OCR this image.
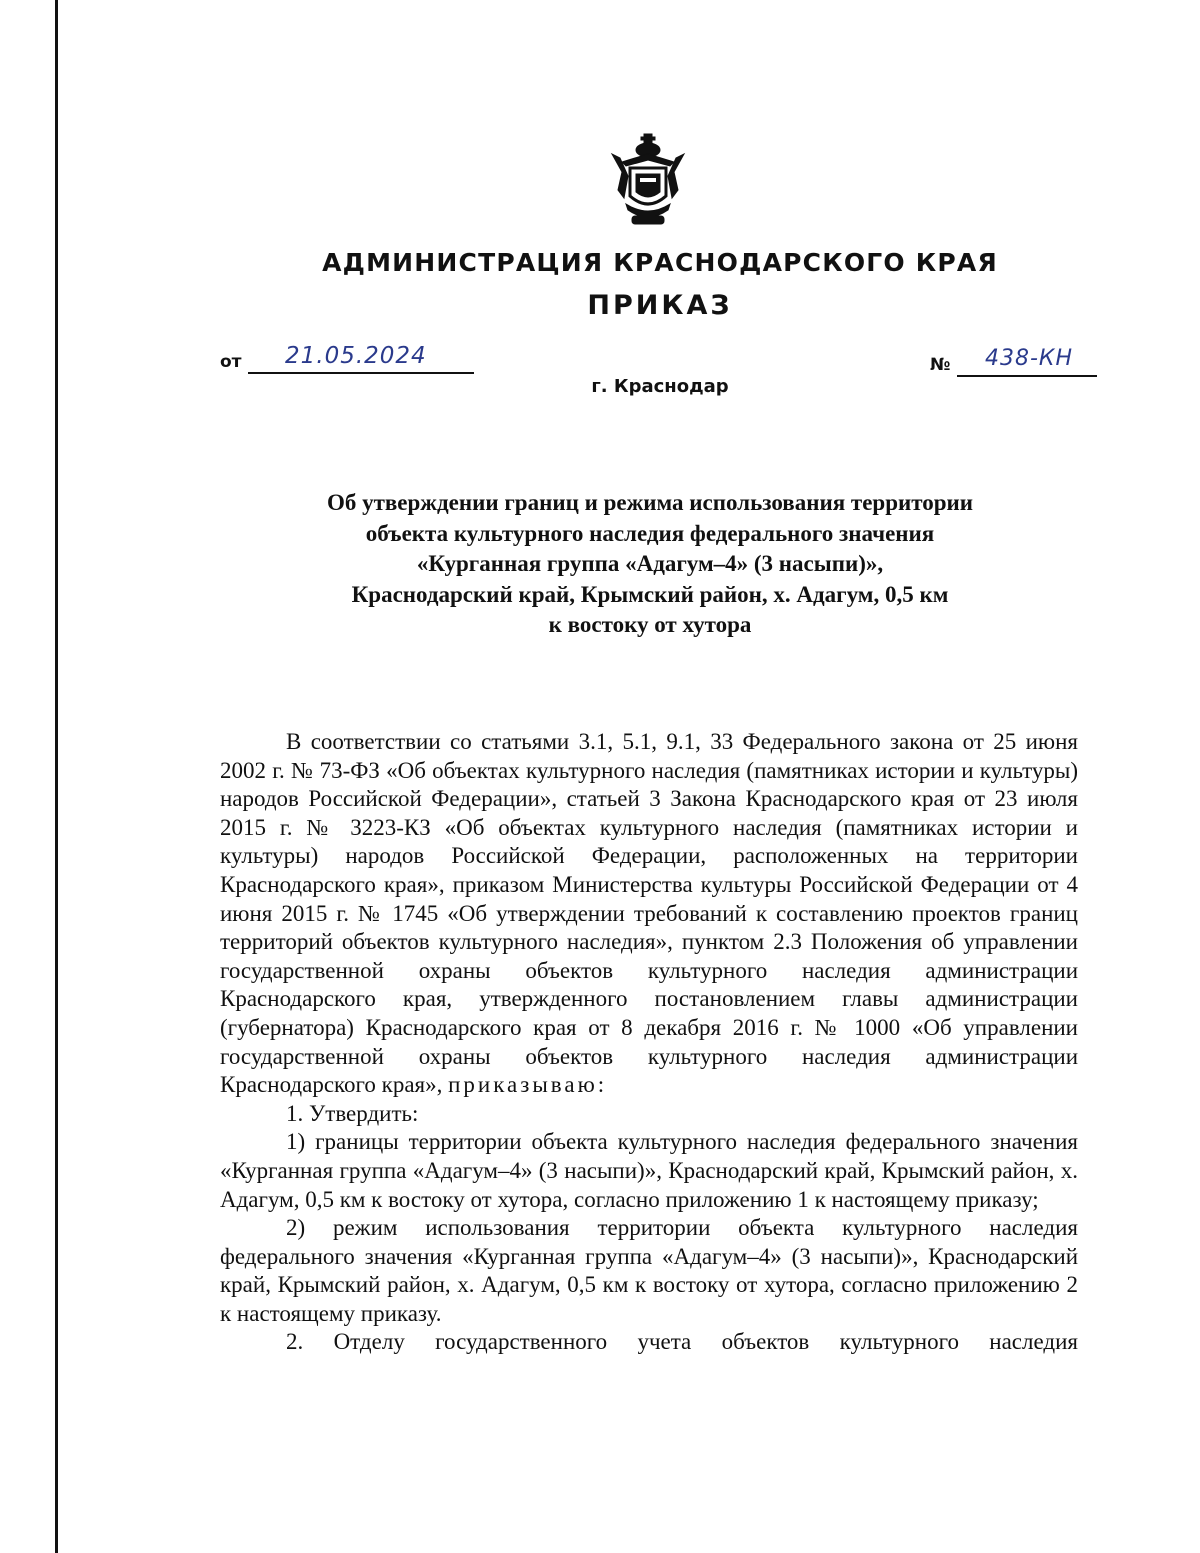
АДМИНИСТРАЦИЯ КРАСНОДАРСКОГО КРАЯ
ПРИКАЗ
от 21.05.2024	№ 438-КН
г. Краснодар
Об утверждении границ и режима использования территории
объекта культурного наследия федерального значения
«Курганная группа «Адагум–4» (3 насыпи)»,
Краснодарский край, Крымский район, х. Адагум, 0,5 км
к востоку от хутора

В соответствии со статьями 3.1, 5.1, 9.1, 33 Федерального закона от 25 июня 2002 г. № 73-ФЗ «Об объектах культурного наследия (памятниках истории и культуры) народов Российской Федерации», статьей 3 Закона Краснодарского края от 23 июля 2015 г. № 3223-КЗ «Об объектах культурного наследия (памятниках истории и культуры) народов Российской Федерации, расположенных на территории Краснодарского края», приказом Министерства культуры Российской Федерации от 4 июня 2015 г. № 1745 «Об утверждении требований к составлению проектов границ территорий объектов культурного наследия», пунктом 2.3 Положения об управлении государственной охраны объектов культурного наследия администрации Краснодарского края, утвержденного постановлением главы администрации (губернатора) Краснодарского края от 8 декабря 2016 г. № 1000 «Об управлении государственной охраны объектов культурного наследия администрации Краснодарского края», приказываю:

1. Утвердить:

1) границы территории объекта культурного наследия федерального значения «Курганная группа «Адагум–4» (3 насыпи)», Краснодарский край, Крымский район, х. Адагум, 0,5 км к востоку от хутора, согласно приложению 1 к настоящему приказу;

2) режим использования территории объекта культурного наследия федерального значения «Курганная группа «Адагум–4» (3 насыпи)», Краснодарский край, Крымский район, х. Адагум, 0,5 км к востоку от хутора, согласно приложению 2 к настоящему приказу.

2. Отделу государственного учета объектов культурного наследия
